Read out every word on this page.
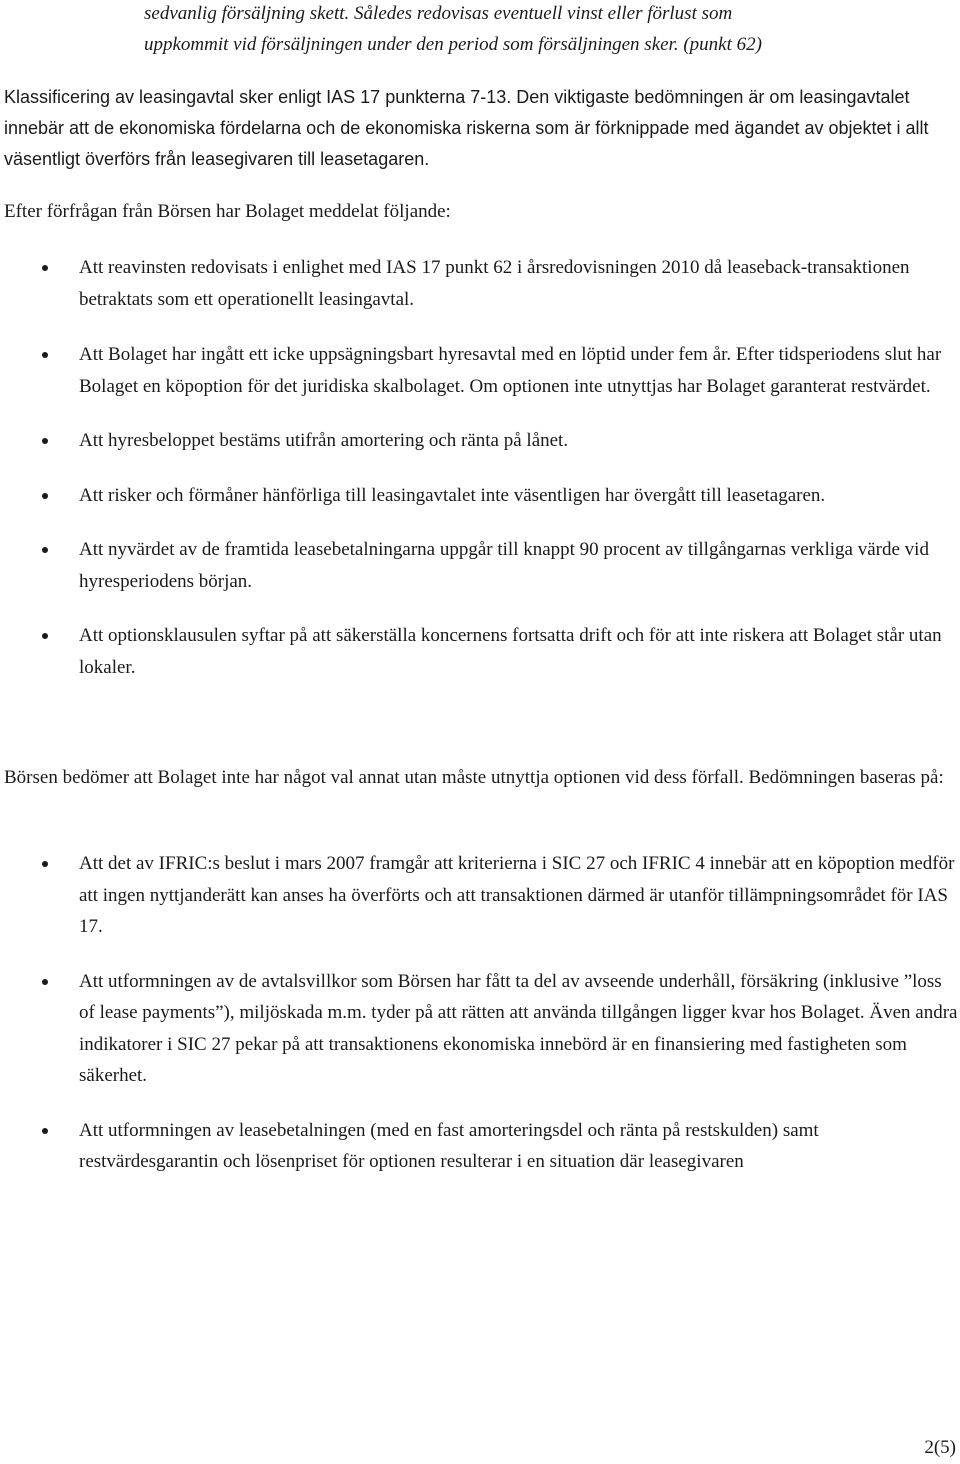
sedvanlig försäljning skett. Således redovisas eventuell vinst eller förlust som
uppkommit vid försäljningen under den period som försäljningen sker. (punkt 62)

Klassificering av leasingavtal sker enligt IAS 17 punkterna 7-13. Den viktigaste bedömningen är om leasingavtalet innebär att de ekonomiska fördelarna och de ekonomiska riskerna som är förknippade med ägandet av objektet i allt väsentligt överförs från leasegivaren till leasetagaren.

Efter förfrågan från Börsen har Bolaget meddelat följande:

Att reavinsten redovisats i enlighet med IAS 17 punkt 62 i årsredovisningen 2010 då leaseback-transaktionen betraktats som ett operationellt leasingavtal.
Att Bolaget har ingått ett icke uppsägningsbart hyresavtal med en löptid under fem år. Efter tidsperiodens slut har Bolaget en köpoption för det juridiska skalbolaget. Om optionen inte utnyttjas har Bolaget garanterat restvärdet.
Att hyresbeloppet bestäms utifrån amortering och ränta på lånet.
Att risker och förmåner hänförliga till leasingavtalet inte väsentligen har övergått till leasetagaren.
Att nyvärdet av de framtida leasebetalningarna uppgår till knappt 90 procent av tillgångarnas verkliga värde vid hyresperiodens början.
Att optionsklausulen syftar på att säkerställa koncernens fortsatta drift och för att inte riskera att Bolaget står utan lokaler.

Börsen bedömer att Bolaget inte har något val annat utan måste utnyttja optionen vid dess förfall. Bedömningen baseras på:

Att det av IFRIC:s beslut i mars 2007 framgår att kriterierna i SIC 27 och IFRIC 4 innebär att en köpoption medför att ingen nyttjanderätt kan anses ha överförts och att transaktionen därmed är utanför tillämpningsområdet för IAS 17.
Att utformningen av de avtalsvillkor som Börsen har fått ta del av avseende underhåll, försäkring (inklusive ”loss of lease payments”), miljöskada m.m. tyder på att rätten att använda tillgången ligger kvar hos Bolaget. Även andra indikatorer i SIC 27 pekar på att transaktionens ekonomiska innebörd är en finansiering med fastigheten som säkerhet.
Att utformningen av leasebetalningen (med en fast amorteringsdel och ränta på restskulden) samt restvärdesgarantin och lösenpriset för optionen resulterar i en situation där leasegivaren
2(5)
